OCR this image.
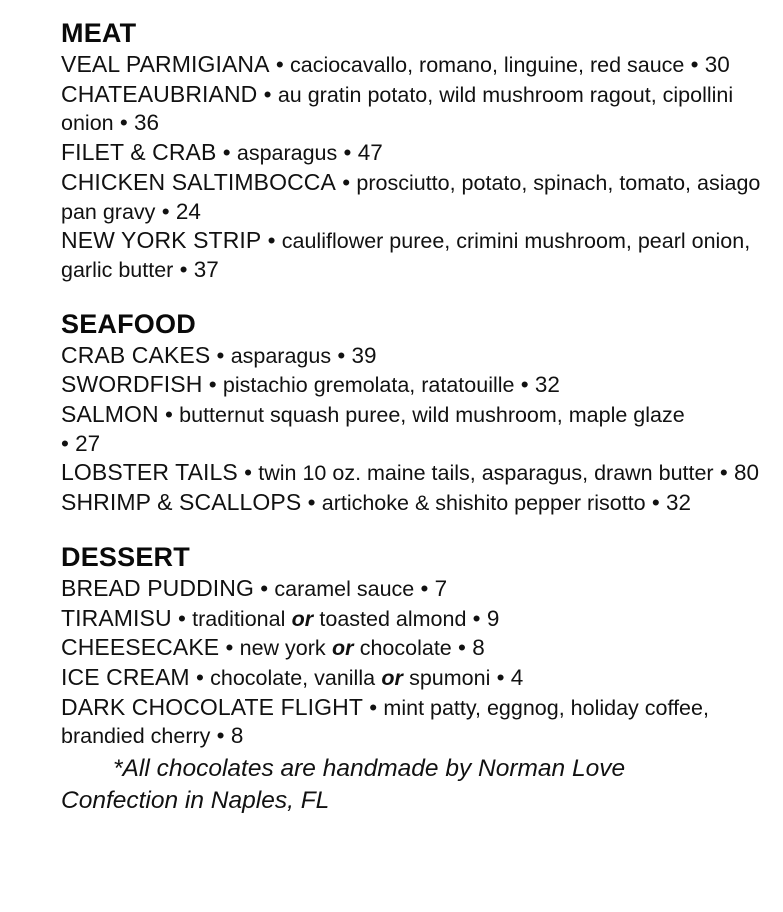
MEAT

VEAL PARMIGIANA • caciocavallo, romano, linguine, red sauce • 30

CHATEAUBRIAND • au gratin potato, wild mushroom ragout, cipollini onion • 36

FILET & CRAB • asparagus • 47

CHICKEN SALTIMBOCCA • prosciutto, potato, spinach, tomato, asiago pan gravy • 24

NEW YORK STRIP • cauliflower puree, crimini mushroom, pearl onion, garlic butter • 37

SEAFOOD

CRAB CAKES • asparagus • 39

SWORDFISH • pistachio gremolata, ratatouille • 32

SALMON • butternut squash puree, wild mushroom, maple glaze
• 27

LOBSTER TAILS • twin 10 oz. maine tails, asparagus, drawn butter • 80

SHRIMP & SCALLOPS • artichoke & shishito pepper risotto • 32

DESSERT

BREAD PUDDING • caramel sauce • 7

TIRAMISU • traditional or toasted almond • 9

CHEESECAKE • new york or chocolate • 8

ICE CREAM • chocolate, vanilla or spumoni • 4

DARK CHOCOLATE FLIGHT • mint patty, eggnog, holiday coffee, brandied cherry • 8

*All chocolates are handmade by Norman Love
Confection in Naples, FL
